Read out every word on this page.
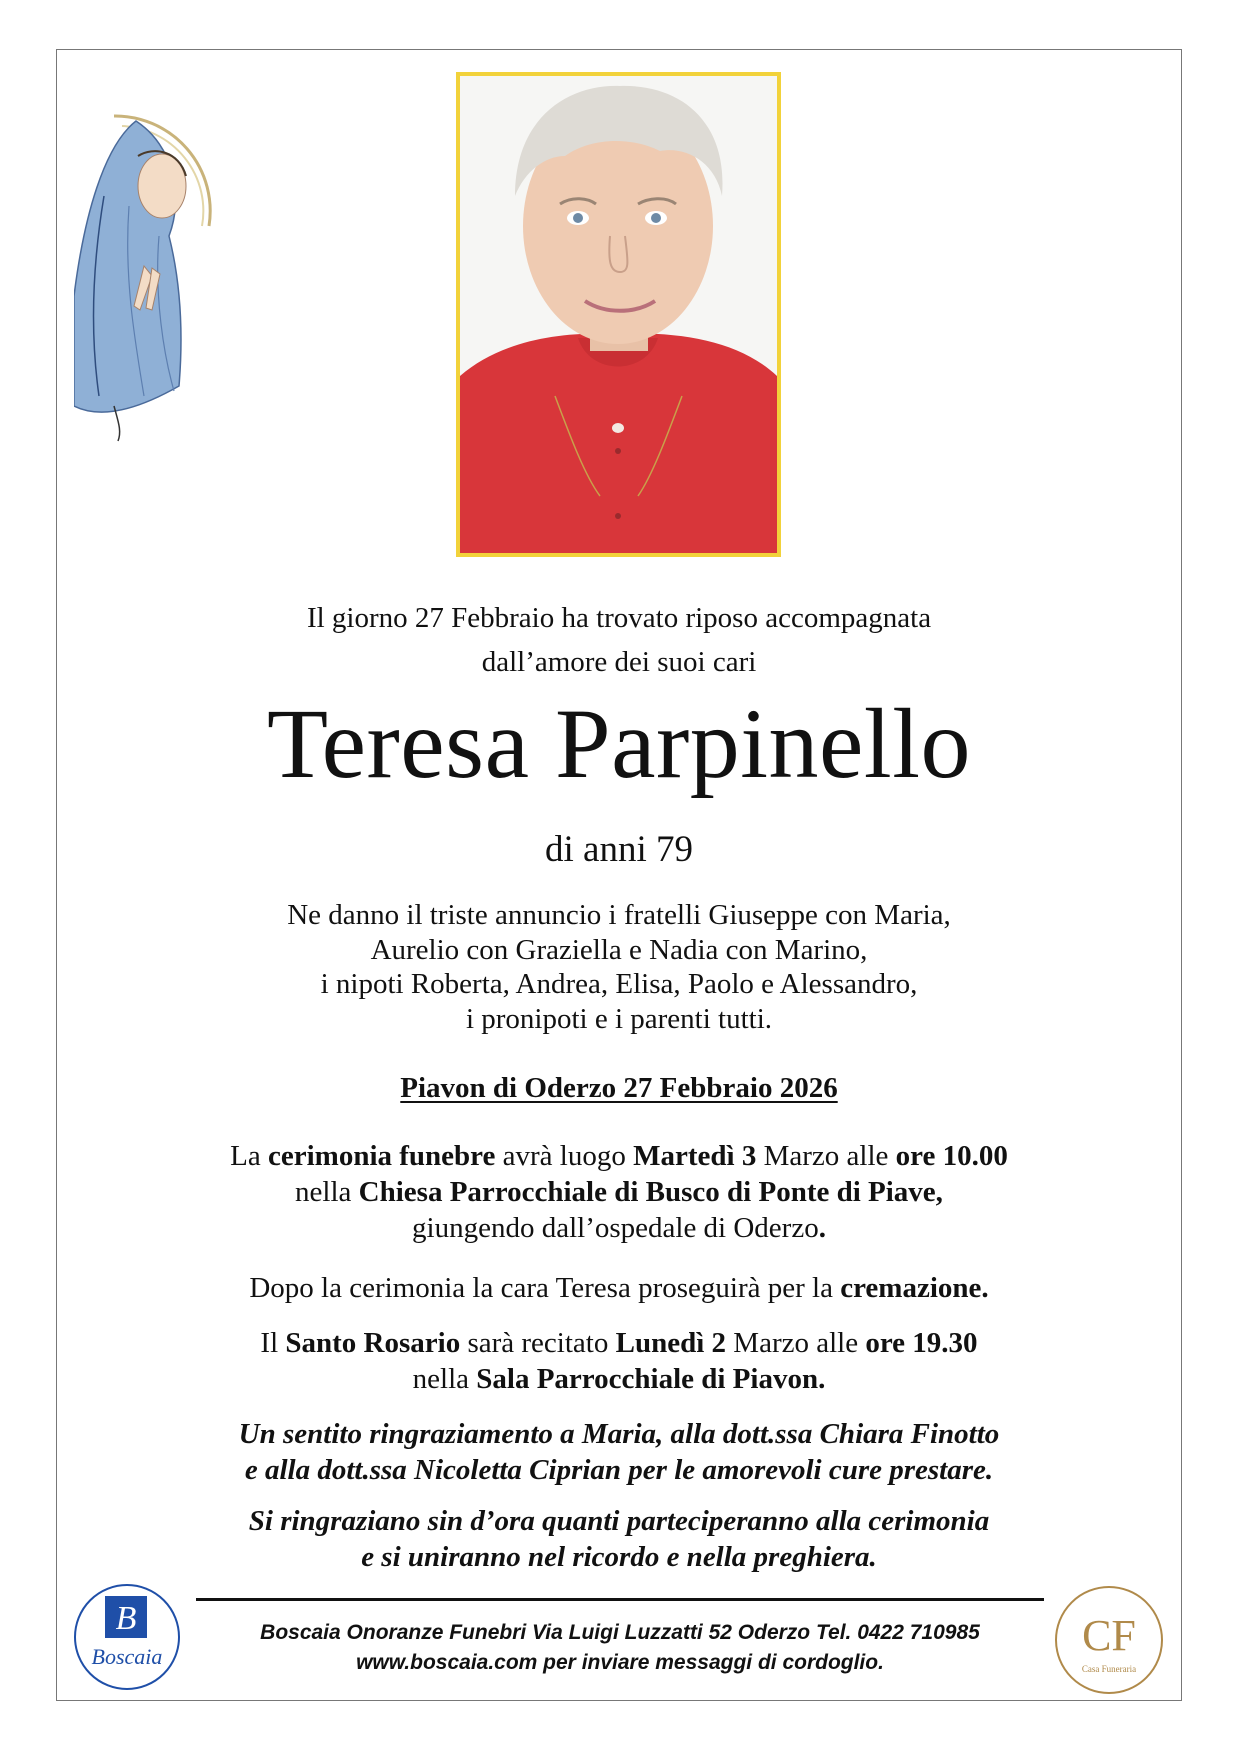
Il giorno 27 Febbraio ha trovato riposo accompagnata
dall’amore dei suoi cari
Teresa Parpinello
di anni 79
Ne danno il triste annuncio i fratelli Giuseppe con Maria,
Aurelio con Graziella e Nadia con Marino,
i nipoti Roberta, Andrea, Elisa, Paolo e Alessandro,
i pronipoti e i parenti tutti.
Piavon di Oderzo 27 Febbraio 2026

La cerimonia funebre avrà luogo Martedì 3 Marzo alle ore 10.00

nella Chiesa Parrocchiale di Busco di Ponte di Piave,

giungendo dall’ospedale di Oderzo.

Dopo la cerimonia la cara Teresa proseguirà per la cremazione.

Il Santo Rosario sarà recitato Lunedì 2 Marzo alle ore 19.30

nella Sala Parrocchiale di Piavon.

Un sentito ringraziamento a Maria, alla dott.ssa Chiara Finotto

e alla dott.ssa Nicoletta Ciprian per le amorevoli cure prestare.

Si ringraziano sin d’ora quanti parteciperanno alla cerimonia

e si uniranno nel ricordo e nella preghiera.

B
Boscaia
Boscaia Onoranze Funebri Via Luigi Luzzatti 52 Oderzo Tel. 0422 710985
www.boscaia.com per inviare messaggi di cordoglio.
CF
Casa Funeraria
